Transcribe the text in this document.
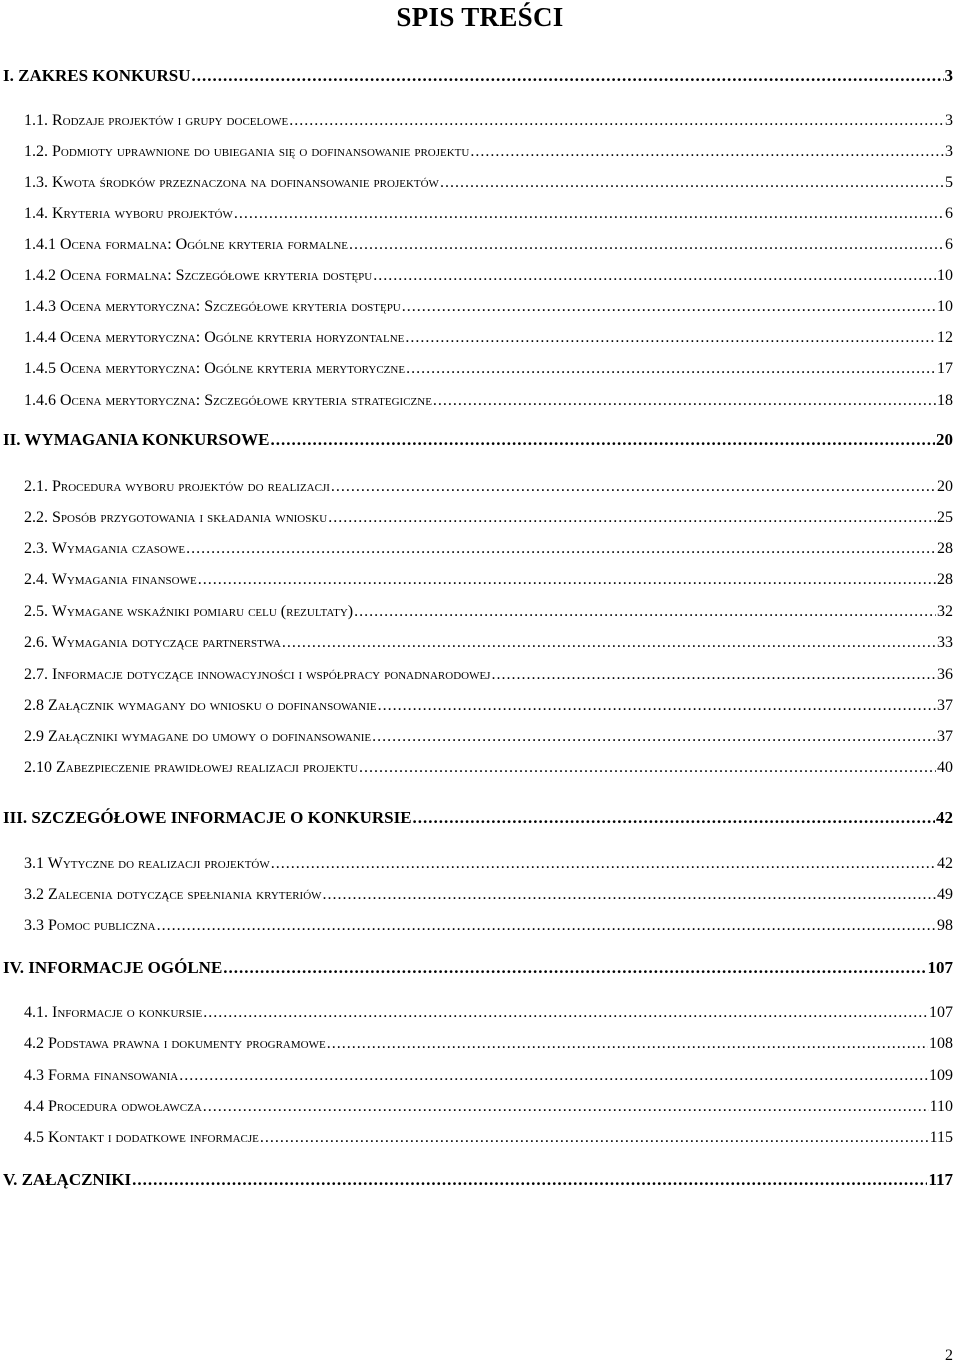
SPIS TREŚCI
I. ZAKRES KONKURSU .....	3
1.1. Rodzaje projektów i grupy docelowe .....	3
1.2. Podmioty uprawnione do ubiegania się o dofinansowanie projektu .....	3
1.3. Kwota środków przeznaczona na dofinansowanie projektów .....	5
1.4. Kryteria wyboru projektów .....	6
1.4.1 Ocena formalna: Ogólne kryteria formalne .....	6
1.4.2 Ocena formalna: Szczegółowe kryteria dostępu .....	10
1.4.3 Ocena merytoryczna: Szczegółowe kryteria dostępu .....	10
1.4.4 Ocena merytoryczna: Ogólne kryteria horyzontalne .....	12
1.4.5 Ocena merytoryczna: Ogólne kryteria merytoryczne .....	17
1.4.6 Ocena merytoryczna: Szczegółowe kryteria strategiczne .....	18
II. WYMAGANIA KONKURSOWE .....	20
2.1. Procedura wyboru projektów do realizacji .....	20
2.2. Sposób przygotowania i składania wniosku .....	25
2.3. Wymagania czasowe .....	28
2.4. Wymagania finansowe .....	28
2.5. Wymagane wskaźniki pomiaru celu (rezultaty) .....	32
2.6. Wymagania dotyczące partnerstwa .....	33
2.7. Informacje dotyczące innowacyjności i współpracy ponadnarodowej .....	36
2.8 Załącznik wymagany do wniosku o dofinansowanie .....	37
2.9 Załączniki wymagane do umowy o dofinansowanie .....	37
2.10 Zabezpieczenie prawidłowej realizacji projektu .....	40
III. SZCZEGÓŁOWE INFORMACJE O KONKURSIE .....	42
3.1 Wytyczne do realizacji projektów .....	42
3.2 Zalecenia dotyczące spełniania kryteriów .....	49
3.3 Pomoc publiczna .....	98
IV. INFORMACJE OGÓLNE .....	107
4.1. Informacje o konkursie .....	107
4.2 Podstawa prawna i dokumenty programowe .....	108
4.3 Forma finansowania .....	109
4.4 Procedura odwoławcza .....	110
4.5 Kontakt i dodatkowe informacje .....	115
V. ZAŁĄCZNIKI .....	117
2
